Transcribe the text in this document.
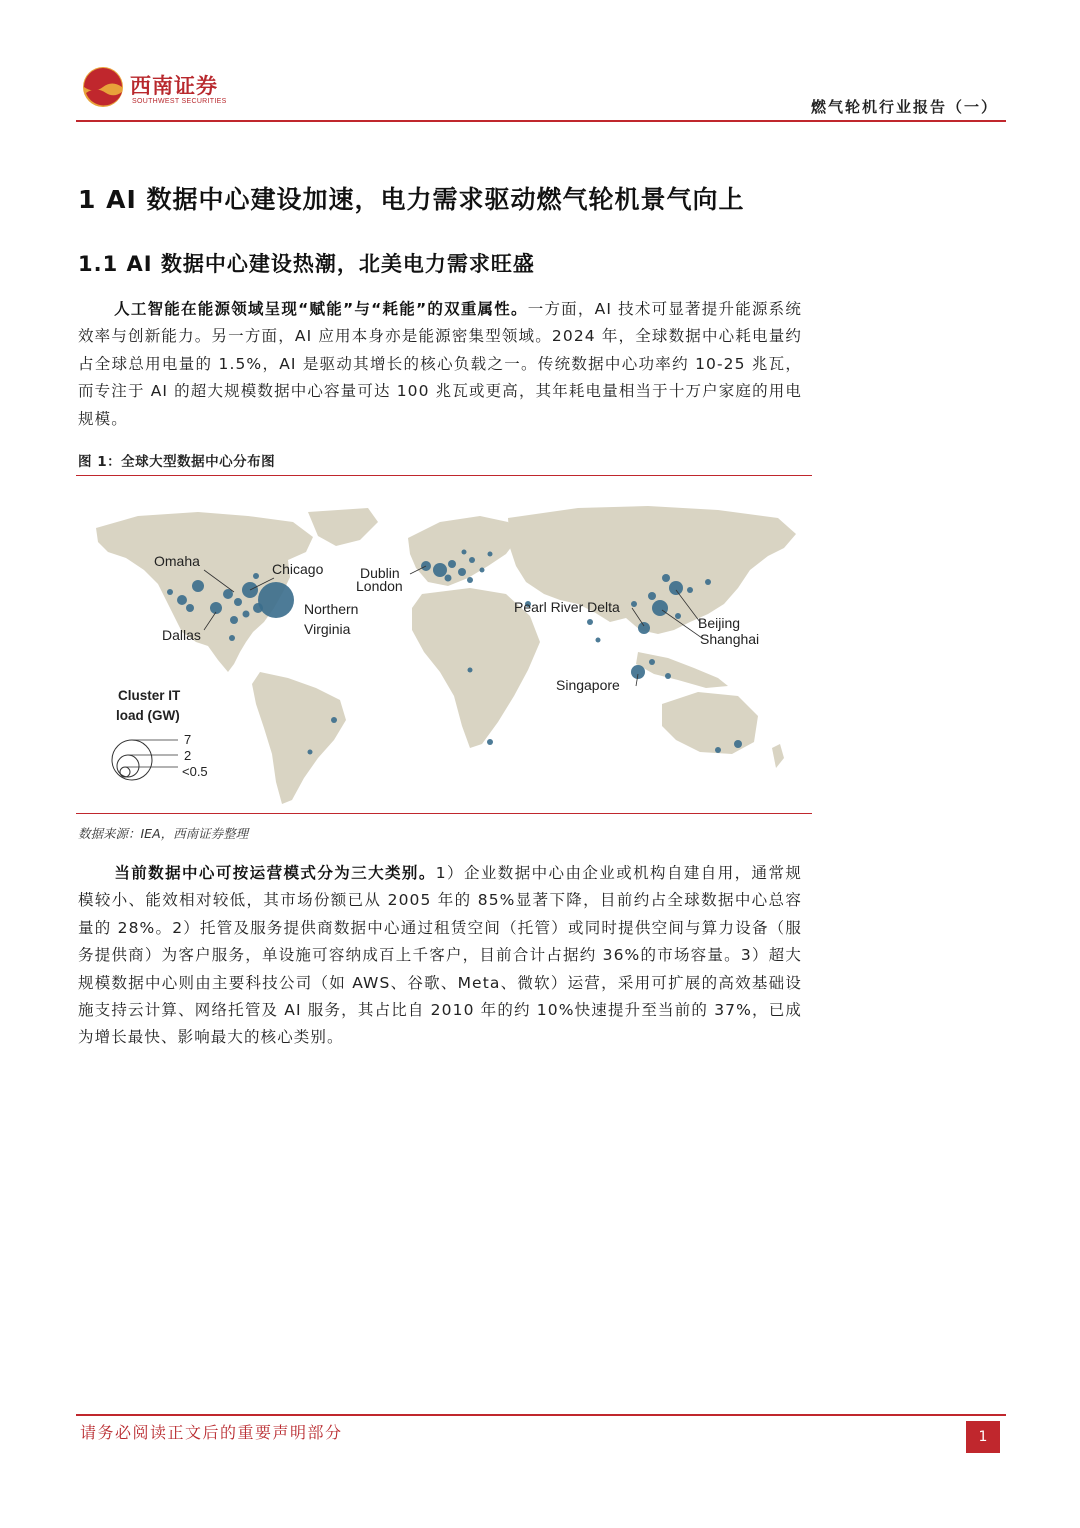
西南证券
SOUTHWEST SECURITIES	燃气轮机行业报告（一）
1 AI 数据中心建设加速，电力需求驱动燃气轮机景气向上
1.1 AI 数据中心建设热潮，北美电力需求旺盛
人工智能在能源领域呈现“赋能”与“耗能”的双重属性。一方面，AI 技术可显著提升能源系统效率与创新能力。另一方面，AI 应用本身亦是能源密集型领域。2024 年，全球数据中心耗电量约占全球总用电量的 1.5%，AI 是驱动其增长的核心负载之一。传统数据中心功率约 10-25 兆瓦，而专注于 AI 的超大规模数据中心容量可达 100 兆瓦或更高，其年耗电量相当于十万户家庭的用电规模。
图 1：全球大型数据中心分布图
Omaha	Chicago
Northern
Virginia
Dallas
Dublin
London
Pearl River Delta
Beijing
Shanghai
Singapore
Cluster IT
load (GW)
7
2
<0.5
数据来源：IEA，西南证券整理
当前数据中心可按运营模式分为三大类别。1）企业数据中心由企业或机构自建自用，通常规模较小、能效相对较低，其市场份额已从 2005 年的 85%显著下降，目前约占全球数据中心总容量的 28%。2）托管及服务提供商数据中心通过租赁空间（托管）或同时提供空间与算力设备（服务提供商）为客户服务，单设施可容纳成百上千客户，目前合计占据约 36%的市场容量。3）超大规模数据中心则由主要科技公司（如 AWS、谷歌、Meta、微软）运营，采用可扩展的高效基础设施支持云计算、网络托管及 AI 服务，其占比自 2010 年的约 10%快速提升至当前的 37%，已成为增长最快、影响最大的核心类别。
请务必阅读正文后的重要声明部分	1
